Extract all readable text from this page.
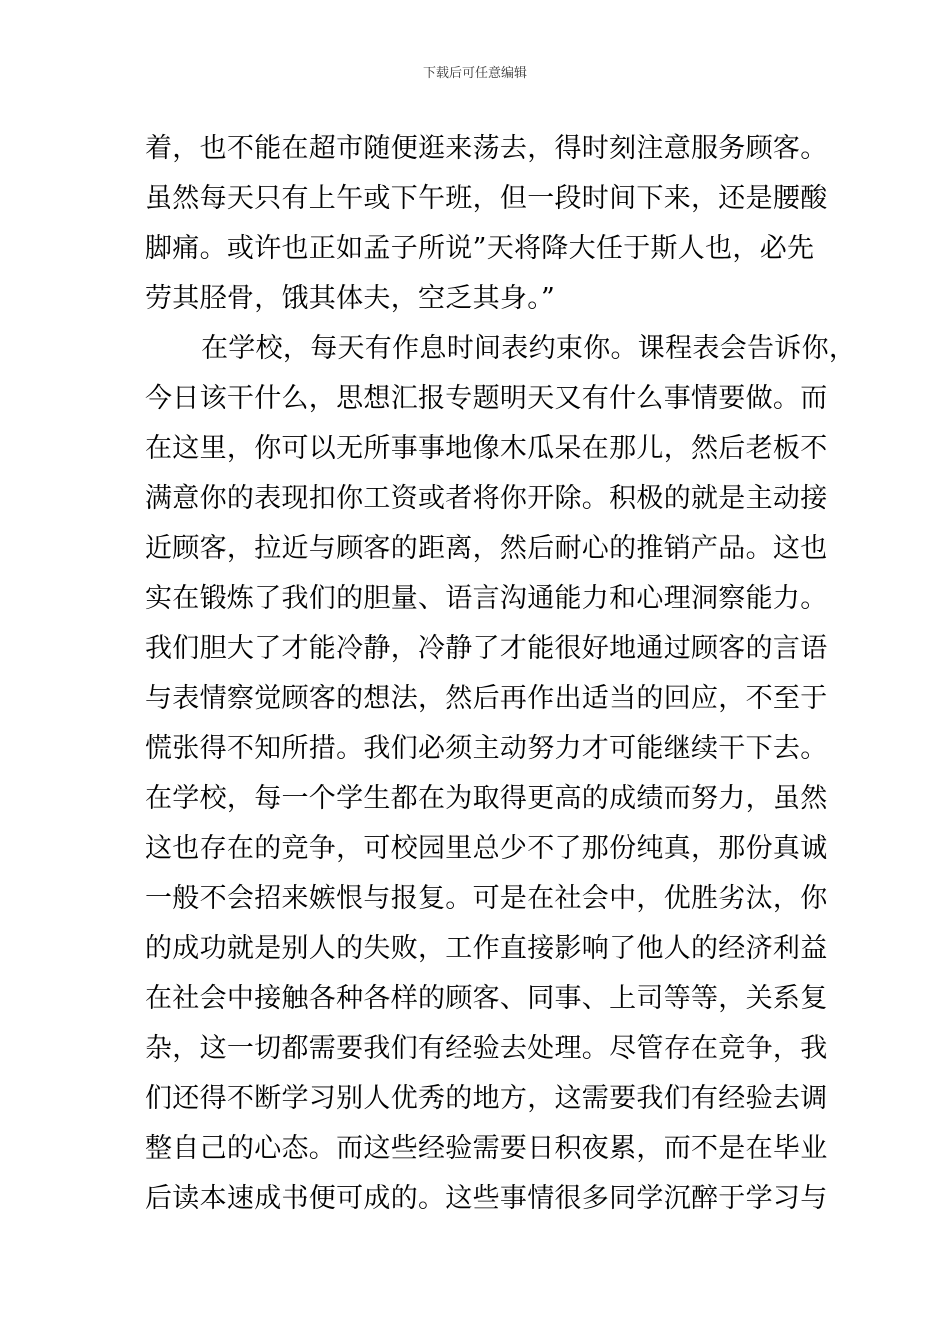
下载后可任意编辑
着，也不能在超市随便逛来荡去，得时刻注意服务顾客。
虽然每天只有上午或下午班，但一段时间下来，还是腰酸
脚痛。或许也正如孟子所说”天将降大任于斯人也，必先
劳其胫骨，饿其体夫，空乏其身。”
在学校，每天有作息时间表约束你。课程表会告诉你，
今日该干什么，思想汇报专题明天又有什么事情要做。而
在这里，你可以无所事事地像木瓜呆在那儿，然后老板不
满意你的表现扣你工资或者将你开除。积极的就是主动接
近顾客，拉近与顾客的距离，然后耐心的推销产品。这也
实在锻炼了我们的胆量、语言沟通能力和心理洞察能力。
我们胆大了才能冷静，冷静了才能很好地通过顾客的言语
与表情察觉顾客的想法，然后再作出适当的回应，不至于
慌张得不知所措。我们必须主动努力才可能继续干下去。
在学校，每一个学生都在为取得更高的成绩而努力，虽然
这也存在的竞争，可校园里总少不了那份纯真，那份真诚
一般不会招来嫉恨与报复。可是在社会中，优胜劣汰，你
的成功就是别人的失败，工作直接影响了他人的经济利益
在社会中接触各种各样的顾客、同事、上司等等，关系复
杂，这一切都需要我们有经验去处理。尽管存在竞争，我
们还得不断学习别人优秀的地方，这需要我们有经验去调
整自己的心态。而这些经验需要日积夜累，而不是在毕业
后读本速成书便可成的。这些事情很多同学沉醉于学习与
